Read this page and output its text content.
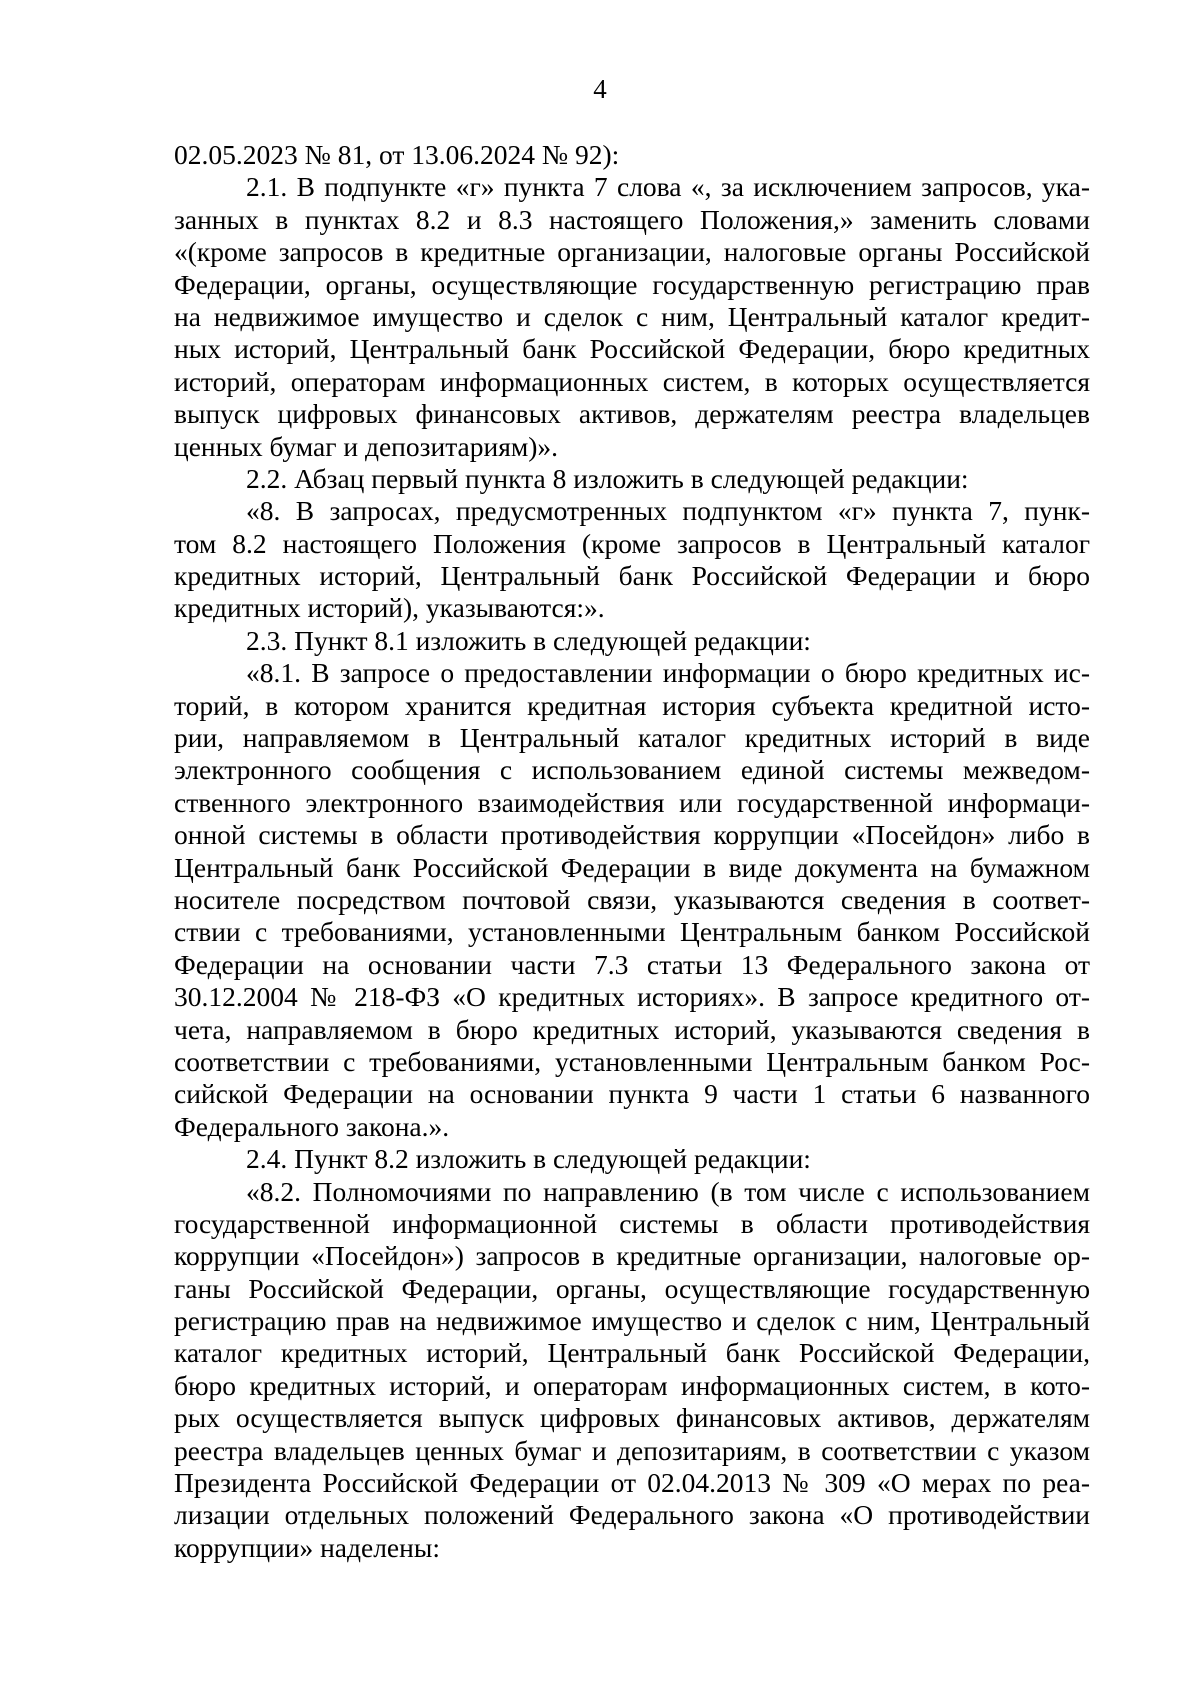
4
02.05.2023 № 81, от 13.06.2024 № 92):
2.1. В подпункте «г» пункта 7 слова «, за исключением запросов, ука-
занных в пунктах 8.2 и 8.3 настоящего Положения,» заменить словами
«(кроме запросов в кредитные организации, налоговые органы Российской
Федерации, органы, осуществляющие государственную регистрацию прав
на недвижимое имущество и сделок с ним, Центральный каталог кредит-
ных историй, Центральный банк Российской Федерации, бюро кредитных
историй, операторам информационных систем, в которых осуществляется
выпуск цифровых финансовых активов, держателям реестра владельцев
ценных бумаг и депозитариям)».
2.2. Абзац первый пункта 8 изложить в следующей редакции:
«8. В запросах, предусмотренных подпунктом «г» пункта 7, пунк-
том 8.2 настоящего Положения (кроме запросов в Центральный каталог
кредитных историй, Центральный банк Российской Федерации и бюро
кредитных историй), указываются:».
2.3. Пункт 8.1 изложить в следующей редакции:
«8.1. В запросе о предоставлении информации о бюро кредитных ис-
торий, в котором хранится кредитная история субъекта кредитной исто-
рии, направляемом в Центральный каталог кредитных историй в виде
электронного сообщения с использованием единой системы межведом-
ственного электронного взаимодействия или государственной информаци-
онной системы в области противодействия коррупции «Посейдон» либо в
Центральный банк Российской Федерации в виде документа на бумажном
носителе посредством почтовой связи, указываются сведения в соответ-
ствии с требованиями, установленными Центральным банком Российской
Федерации на основании части 7.3 статьи 13 Федерального закона от
30.12.2004 № 218-ФЗ «О кредитных историях». В запросе кредитного от-
чета, направляемом в бюро кредитных историй, указываются сведения в
соответствии с требованиями, установленными Центральным банком Рос-
сийской Федерации на основании пункта 9 части 1 статьи 6 названного
Федерального закона.».
2.4. Пункт 8.2 изложить в следующей редакции:
«8.2. Полномочиями по направлению (в том числе с использованием
государственной информационной системы в области противодействия
коррупции «Посейдон») запросов в кредитные организации, налоговые ор-
ганы Российской Федерации, органы, осуществляющие государственную
регистрацию прав на недвижимое имущество и сделок с ним, Центральный
каталог кредитных историй, Центральный банк Российской Федерации,
бюро кредитных историй, и операторам информационных систем, в кото-
рых осуществляется выпуск цифровых финансовых активов, держателям
реестра владельцев ценных бумаг и депозитариям, в соответствии с указом
Президента Российской Федерации от 02.04.2013 № 309 «О мерах по реа-
лизации отдельных положений Федерального закона «О противодействии
коррупции» наделены:
